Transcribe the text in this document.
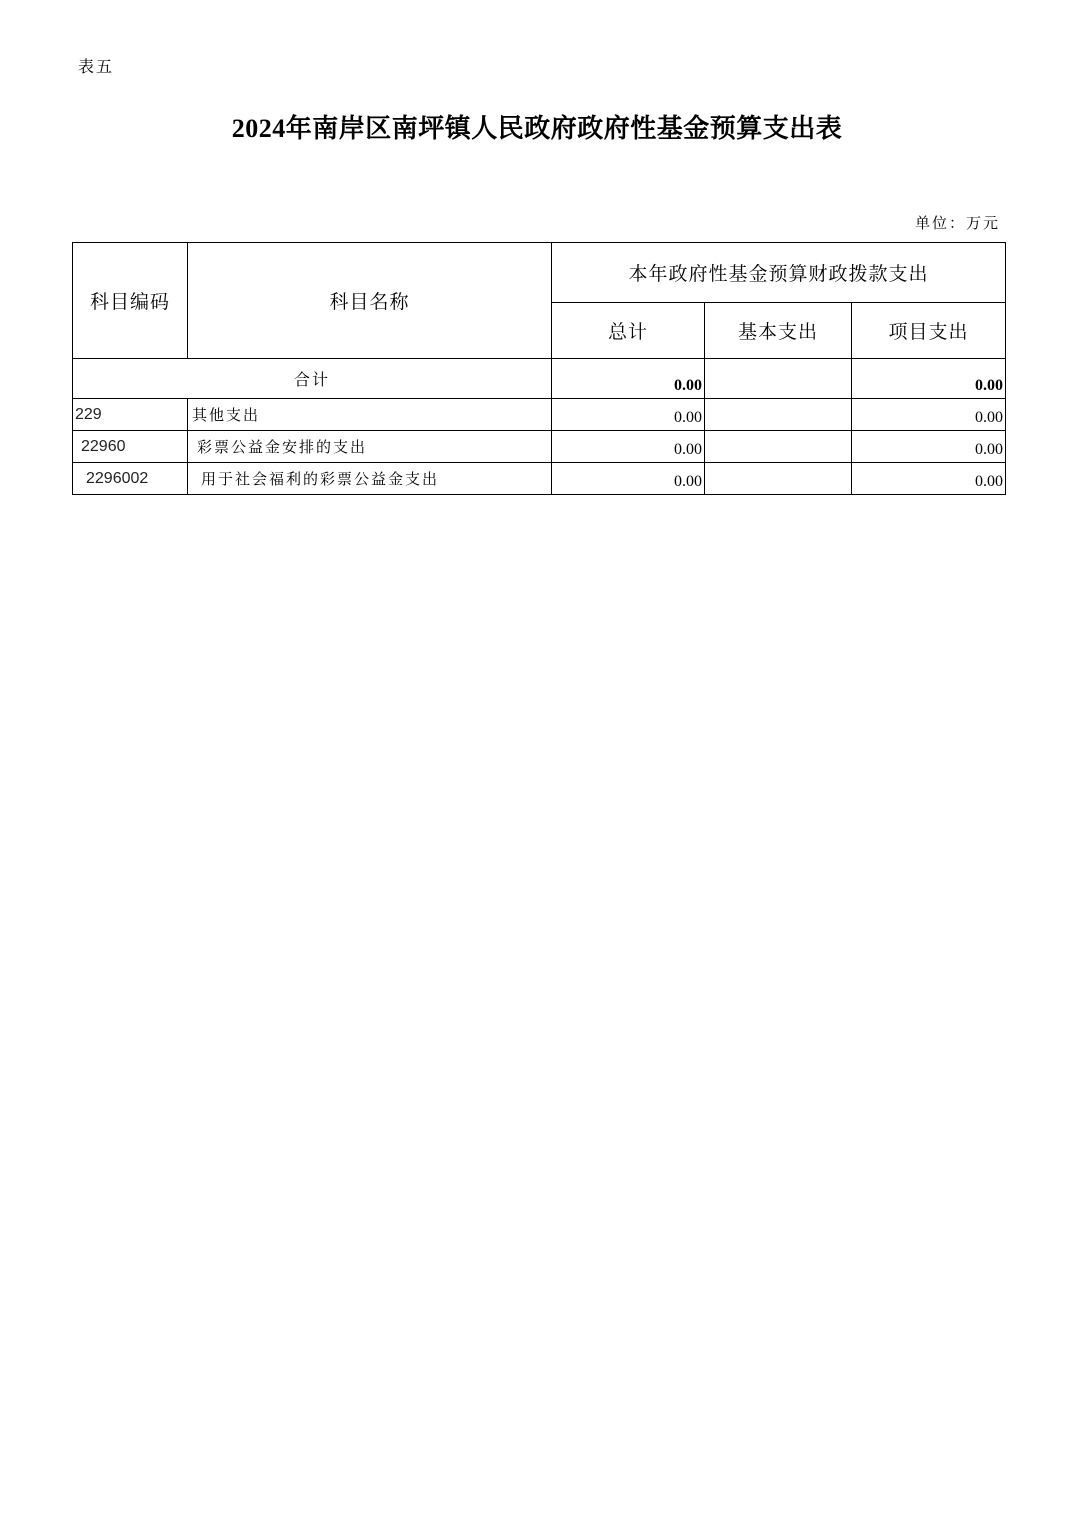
表五
2024年南岸区南坪镇人民政府政府性基金预算支出表
单位：万元
科目编码	科目名称	本年政府性基金预算财政拨款支出		
		总计	基本支出	项目支出
合计		0.00		0.00
229	其他支出	0.00		0.00
22960	彩票公益金安排的支出	0.00		0.00
2296002	用于社会福利的彩票公益金支出	0.00		0.00
